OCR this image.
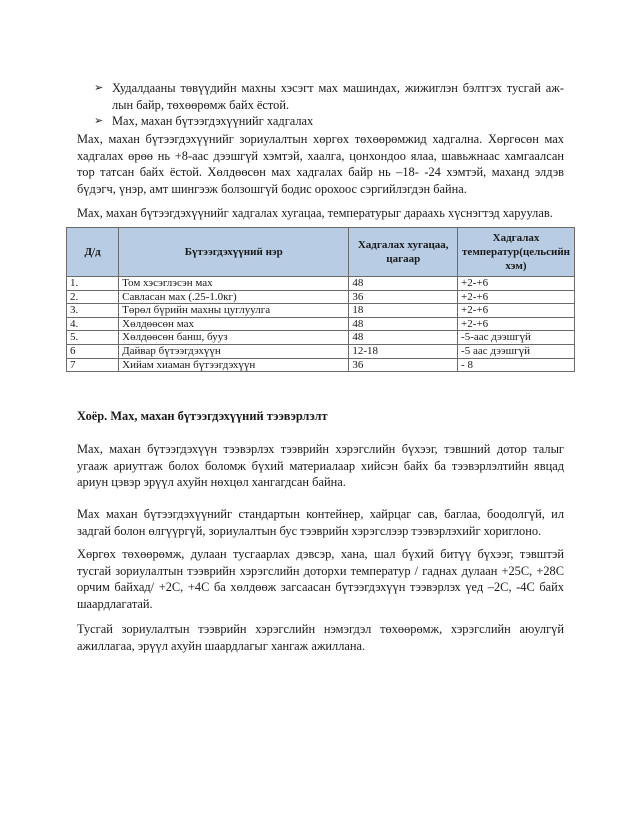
➢ Худалдааны төвүүдийн махны хэсэгт мах машиндах, жижиглэн бэлтгэх тусгай ажлын байр, төхөөрөмж байх ёстой.
➢ Мах, махан бүтээгдэхүүнийг хадгалах

Мах, махан бүтээгдэхүүнийг зориулалтын хөргөх төхөөрөмжид хадгална. Хөргөсөн мах хадгалах өрөө нь +8-аас дээшгүй хэмтэй, хаалга, цонхондоо ялаа, шавьжнаас хамгаалсан тор татсан байх ёстой. Хөлдөөсөн мах хадгалах байр нь –18- -24 хэмтэй, маханд элдэв бүдэгч, үнэр, амт шингээж болзошгүй бодис орохоос сэргийлэгдэн байна.

Мах, махан бүтээгдэхүүнийг хадгалах хугацаа, температурыг дараахь хүснэгтэд харуулав.

Д/д	Бүтээгдэхүүний нэр	Хадгалах хугацаа, цагаар	Хадгалах температур(цельсийн хэм)
1.	Том хэсэглэсэн мах	48	+2-+6
2.	Савласан мах (.25-1.0кг)	36	+2-+6
3.	Төрөл бүрийн махны цуглуулга	18	+2-+6
4.	Хөлдөөсөн мах	48	+2-+6
5.	Хөлдөөсөн банш, бууз	48	-5-аас дээшгүй
6	Дайвар бүтээгдэхүүн	12-18	-5 аас дээшгүй
7	Хийам хиаман бүтээгдэхүүн	36	- 8

Хоёр. Мах, махан бүтээгдэхүүний тээвэрлэлт

Мах, махан бүтээгдэхүүн тээвэрлэх тээврийн хэрэгслийн бүхээг, тэвшний дотор талыг угааж ариутгаж болох боломж бүхий материалаар хийсэн байх ба тээвэрлэлтийн явцад ариун цэвэр эрүүл ахуйн нөхцөл хангагдсан байна.

Мах махан бүтээгдэхүүнийг стандартын контейнер, хайрцаг сав, баглаа, боодолгүй, ил задгай болон өлгүүргүй, зориулалтын бус тээврийн хэрэгслээр тээвэрлэхийг хориглоно.

Хөргөх төхөөрөмж, дулаан тусгаарлах дэвсэр, хана, шал бүхий битүү бүхээг, тэвштэй тусгай зориулалтын тээврийн хэрэгслийн доторхи температур / гаднах дулаан +25С, +28С орчим байхад/ +2С, +4С ба хөлдөөж загсаасан бүтээгдэхүүн тээвэрлэх үед –2С, -4С байх шаардлагатай.

Тусгай зориулалтын тээврийн хэрэгслийн нэмэгдэл төхөөрөмж, хэрэгслийн аюулгүй ажиллагаа, эрүүл ахуйн шаардлагыг хангаж ажиллана.
